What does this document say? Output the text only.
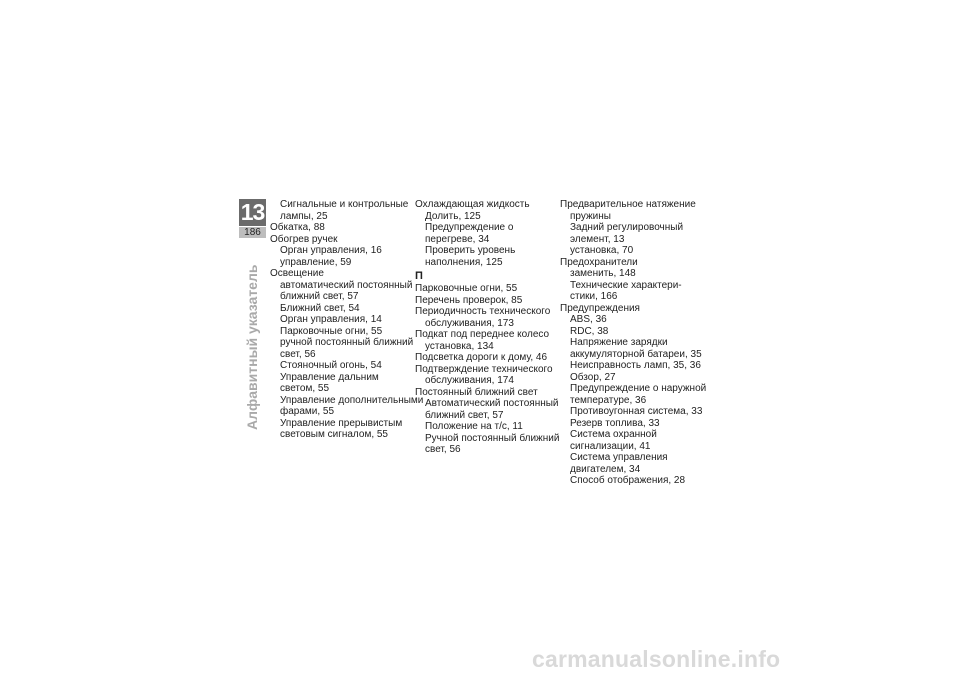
13
186
Алфавитный указатель
Сигнальные и контрольные
лампы, 25
Обкатка, 88
Обогрев ручек
Орган управления, 16
управление, 59
Освещение
автоматический постоянный
ближний свет, 57
Ближний свет, 54
Орган управления, 14
Парковочные огни, 55
ручной постоянный ближний
свет, 56
Стояночный огонь, 54
Управление дальним
светом, 55
Управление дополнительными
фарами, 55
Управление прерывистым
световым сигналом, 55
Охлаждающая жидкость
Долить, 125
Предупреждение о
перегреве, 34
Проверить уровень
наполнения, 125
П
Парковочные огни, 55
Перечень проверок, 85
Периодичность технического
обслуживания, 173
Подкат под переднее колесо
установка, 134
Подсветка дороги к дому, 46
Подтверждение технического
обслуживания, 174
Постоянный ближний свет
Автоматический постоянный
ближний свет, 57
Положение на т/с, 11
Ручной постоянный ближний
свет, 56
Предварительное натяжение
пружины
Задний регулировочный
элемент, 13
установка, 70
Предохранители
заменить, 148
Технические характери-
стики, 166
Предупреждения
ABS, 36
RDC, 38
Напряжение зарядки
аккумуляторной батареи, 35
Неисправность ламп, 35, 36
Обзор, 27
Предупреждение о наружной
температуре, 36
Противоугонная система, 33
Резерв топлива, 33
Система охранной
сигнализации, 41
Система управления
двигателем, 34
Способ отображения, 28
carmanualsonline.info
